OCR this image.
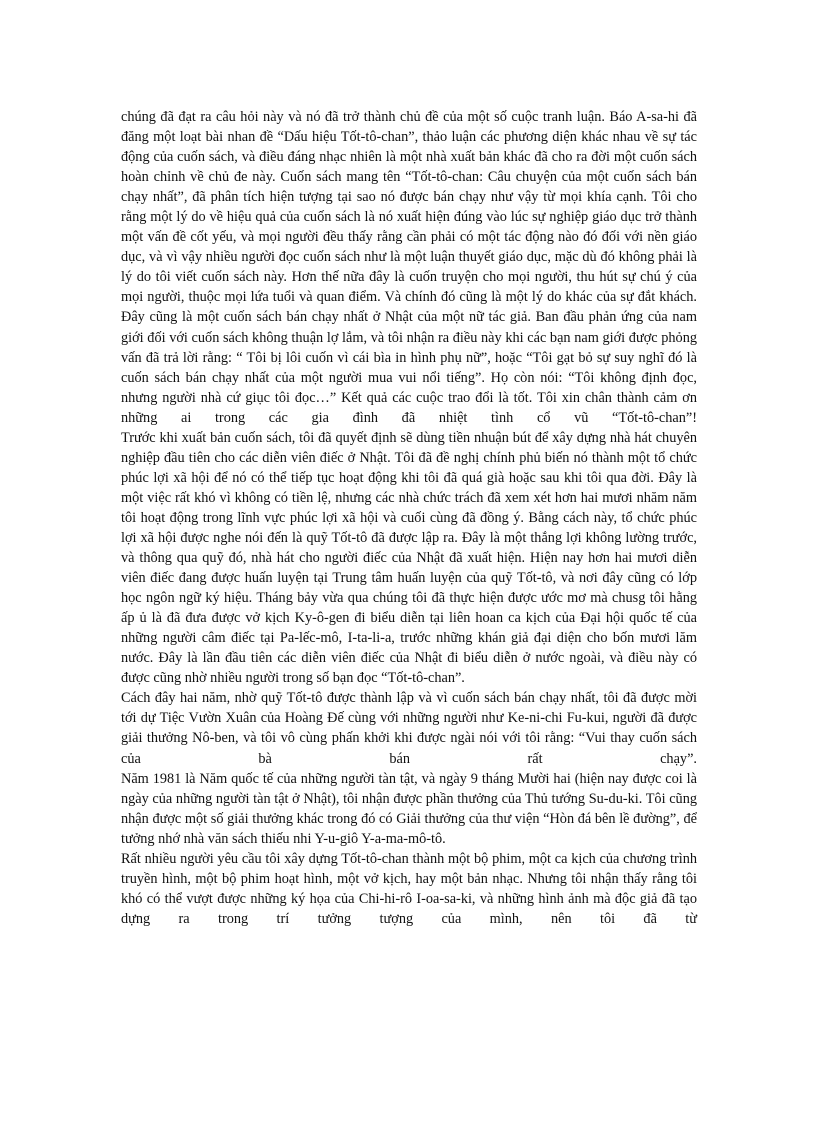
chúng đã đạt ra câu hỏi này và nó đã trở thành chủ đề của một số cuộc tranh luận. Báo A-sa-hi đã đăng một loạt bài nhan đề “Dấu hiệu Tốt-tô-chan”, thảo luận các phương diện khác nhau về sự tác động của cuốn sách, và điều đáng nhạc nhiên là một nhà xuất bản khác đã cho ra đời một cuốn sách hoàn chỉnh về chủ đe này. Cuốn sách mang tên “Tốt-tô-chan: Câu chuyện của một cuốn sách bán chạy nhất”, đã phân tích hiện tượng tại sao nó được bán chạy như vậy từ mọi khía cạnh. Tôi cho rằng một lý do về hiệu quả của cuốn sách là nó xuất hiện đúng vào lúc sự nghiệp giáo dục trở thành một vấn đề cốt yếu, và mọi người đều thấy rằng cần phải có một tác động nào đó đối với nền giáo dục, và vì vậy nhiều người đọc cuốn sách như là một luận thuyết giáo dục, mặc dù đó không phải là lý do tôi viết cuốn sách này. Hơn thế nữa đây là cuốn truyện cho mọi người, thu hút sự chú ý của mọi người, thuộc mọi lứa tuổi và quan điểm. Và chính đó cũng là một lý do khác của sự đắt khách.

Đây cũng là một cuốn sách bán chạy nhất ở Nhật của một nữ tác giả. Ban đầu phản ứng của nam giới đối với cuốn sách không thuận lợ lắm, và tôi nhận ra điều này khi các bạn nam giới được phỏng vấn đã trả lời rằng: “ Tôi bị lôi cuốn vì cái bìa in hình phụ nữ”, hoặc “Tôi gạt bỏ sự suy nghĩ đó là cuốn sách bán chạy nhất của một người mua vui nổi tiếng”. Họ còn nói: “Tôi không định đọc, nhưng người nhà cứ giục tôi đọc…” Kết quả các cuộc trao đổi là tốt. Tôi xin chân thành cảm ơn những ai trong các gia đình đã nhiệt tình cổ vũ “Tốt-tô-chan”!

Trước khi xuất bản cuốn sách, tôi đã quyết định sẽ dùng tiền nhuận bút để xây dựng nhà hát chuyên nghiệp đầu tiên cho các diễn viên điếc ở Nhật. Tôi đã đề nghị chính phủ biến nó thành một tổ chức phúc lợi xã hội để nó có thể tiếp tục hoạt động khi tôi đã quá già hoặc sau khi tôi qua đời. Đây là một việc rất khó vì không có tiền lệ, nhưng các nhà chức trách đã xem xét hơn hai mươi nhăm năm tôi hoạt động trong lĩnh vực phúc lợi xã hội và cuối cùng đã đồng ý. Bằng cách này, tổ chức phúc lợi xã hội được nghe nói đến là quỹ Tốt-tô đã được lập ra. Đây là một thắng lợi không lường trước, và thông qua quỹ đó, nhà hát cho người điếc của Nhật đã xuất hiện. Hiện nay hơn hai mươi diễn viên điếc đang được huấn luyện tại Trung tâm huấn luyện của quỹ Tốt-tô, và nơi đây cũng có lớp học ngôn ngữ ký hiệu. Tháng bảy vừa qua chúng tôi đã thực hiện được ước mơ mà chusg tôi hằng ấp ủ là đã đưa được vở kịch Ky-ô-gen đi biểu diễn tại liên hoan ca kịch của Đại hội quốc tế của những người câm điếc tại Pa-lếc-mô, I-ta-li-a, trước những khán giả đại diện cho bốn mươi lăm nước. Đây là lần đầu tiên các diễn viên điếc của Nhật đi biểu diễn ở nước ngoài, và điều này có được cũng nhờ nhiều người trong số bạn đọc “Tốt-tô-chan”.

Cách đây hai năm, nhờ quỹ Tốt-tô được thành lập và vì cuốn sách bán chạy nhất, tôi đã được mời tới dự Tiệc Vườn Xuân của Hoàng Đế cùng với những người như Ke-ni-chi Fu-kui, người đã được giải thưởng Nô-ben, và tôi vô cùng phấn khởi khi được ngài nói với tôi rằng: “Vui thay cuốn sách của bà bán rất chạy”.

Năm 1981 là Năm quốc tế của những người tàn tật, và ngày 9 tháng Mười hai (hiện nay được coi là ngày của những người tàn tật ở Nhật), tôi nhận được phần thưởng của Thủ tướng Su-du-ki. Tôi cũng nhận được một số giải thưởng khác trong đó có Giải thưởng của thư viện “Hòn đá bên lề đường”, để tưởng nhớ nhà văn sách thiếu nhi Y-u-giô Y-a-ma-mô-tô.

Rất nhiều người yêu cầu tôi xây dựng Tốt-tô-chan thành một bộ phim, một ca kịch của chương trình truyền hình, một bộ phim hoạt hình, một vở kịch, hay một bản nhạc. Nhưng tôi nhận thấy rằng tôi khó có thể vượt được những ký họa của Chi-hi-rô I-oa-sa-ki, và những hình ảnh mà độc giả đã tạo dựng ra trong trí tưởng tượng của mình, nên tôi đã từ
